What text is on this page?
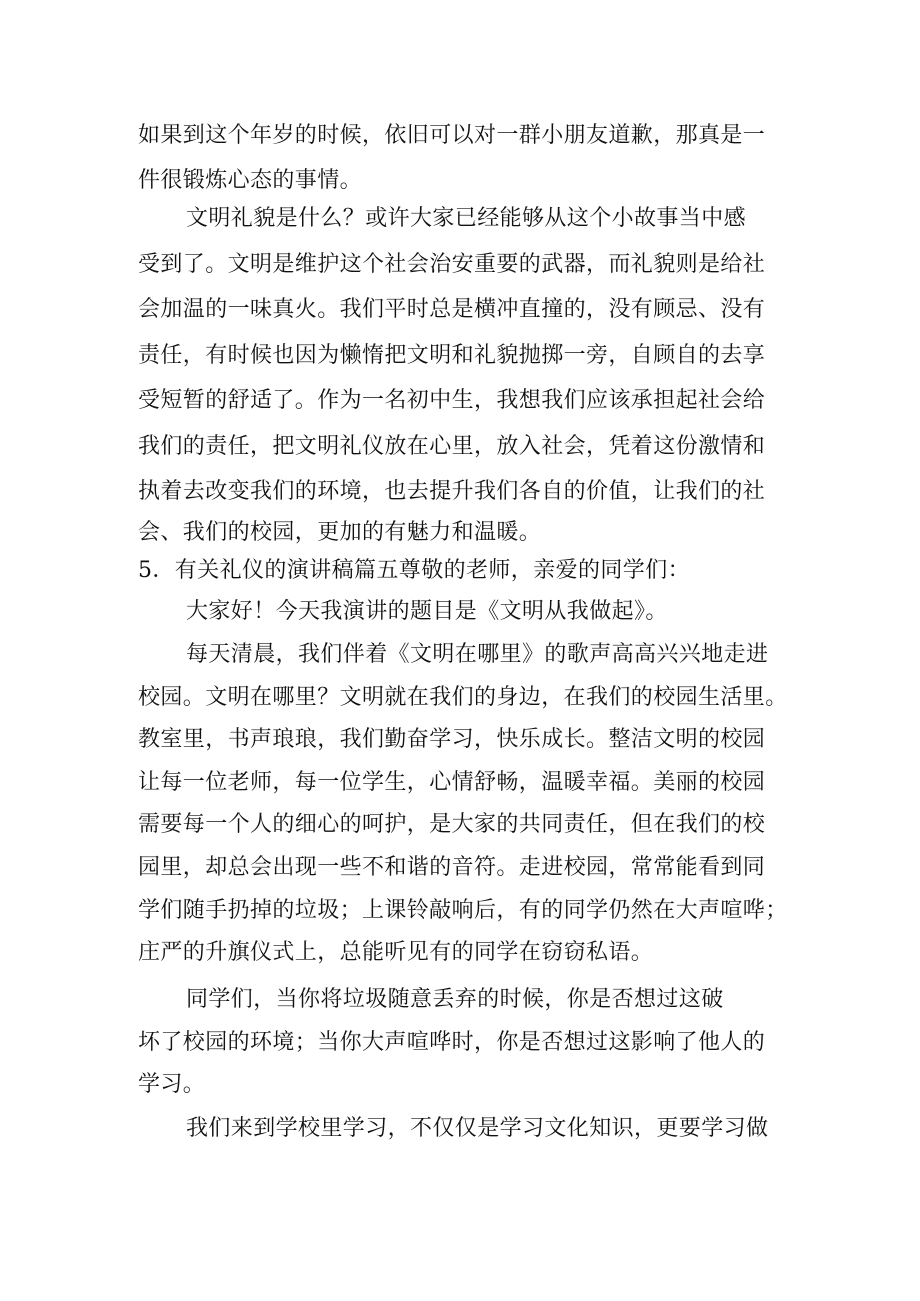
如果到这个年岁的时候，依旧可以对一群小朋友道歉，那真是一
件很锻炼心态的事情。
文明礼貌是什么？或许大家已经能够从这个小故事当中感
受到了。文明是维护这个社会治安重要的武器，而礼貌则是给社
会加温的一味真火。我们平时总是横冲直撞的，没有顾忌、没有
责任，有时候也因为懒惰把文明和礼貌抛掷一旁，自顾自的去享
受短暂的舒适了。作为一名初中生，我想我们应该承担起社会给
我们的责任，把文明礼仪放在心里，放入社会，凭着这份激情和
执着去改变我们的环境，也去提升我们各自的价值，让我们的社
会、我们的校园，更加的有魅力和温暖。
5．有关礼仪的演讲稿篇五尊敬的老师，亲爱的同学们：
大家好！今天我演讲的题目是《文明从我做起》。
每天清晨，我们伴着《文明在哪里》的歌声高高兴兴地走进
校园。文明在哪里？文明就在我们的身边，在我们的校园生活里。
教室里，书声琅琅，我们勤奋学习，快乐成长。整洁文明的校园
让每一位老师，每一位学生，心情舒畅，温暖幸福。美丽的校园
需要每一个人的细心的呵护，是大家的共同责任，但在我们的校
园里，却总会出现一些不和谐的音符。走进校园，常常能看到同
学们随手扔掉的垃圾；上课铃敲响后，有的同学仍然在大声喧哗；
庄严的升旗仪式上，总能听见有的同学在窃窃私语。
同学们，当你将垃圾随意丢弃的时候，你是否想过这破
坏了校园的环境；当你大声喧哗时，你是否想过这影响了他人的
学习。
我们来到学校里学习，不仅仅是学习文化知识，更要学习做
